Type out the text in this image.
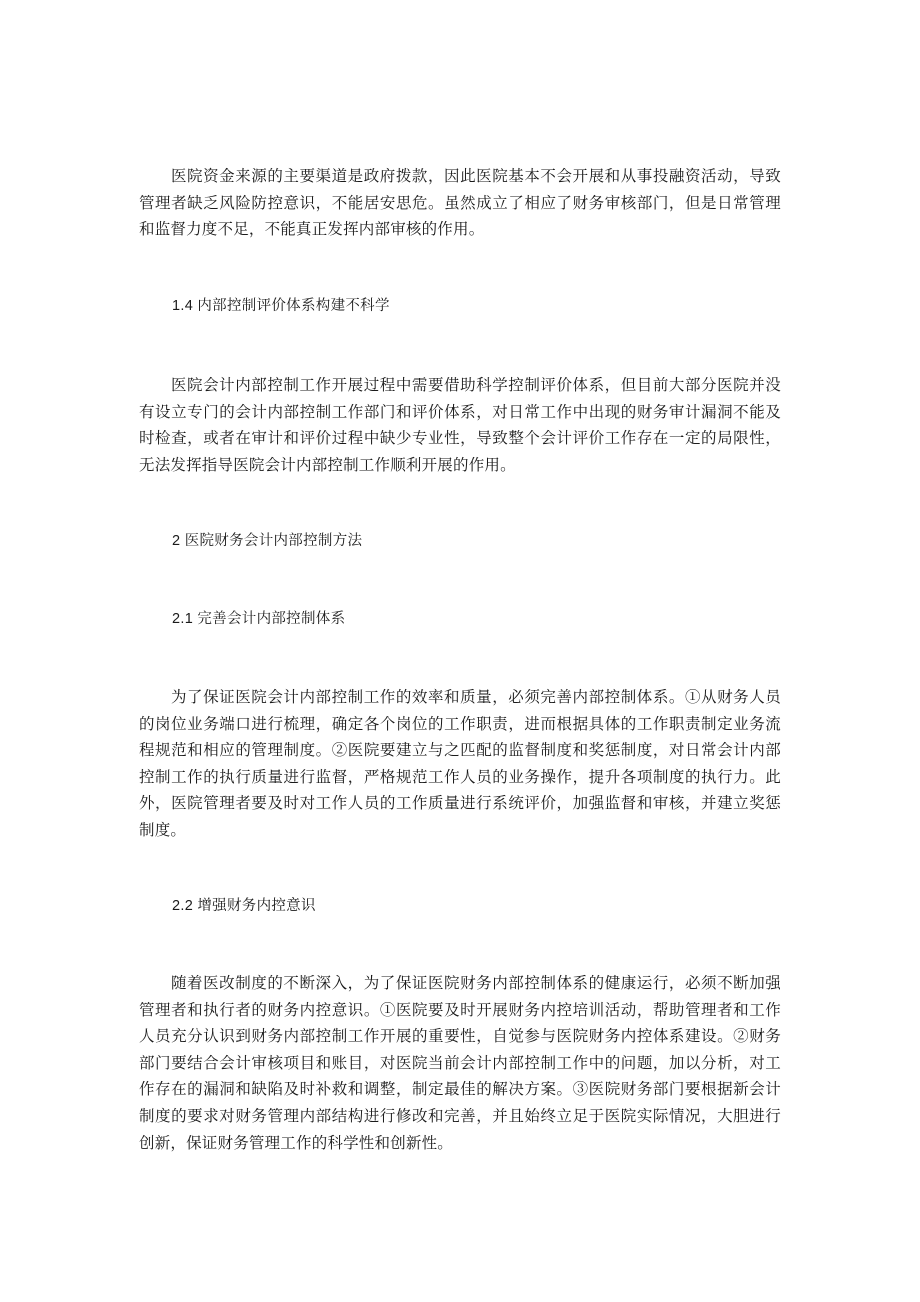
医院资金来源的主要渠道是政府拨款，因此医院基本不会开展和从事投融资活动，导致管理者缺乏风险防控意识，不能居安思危。虽然成立了相应了财务审核部门，但是日常管理和监督力度不足，不能真正发挥内部审核的作用。

1.4 内部控制评价体系构建不科学

医院会计内部控制工作开展过程中需要借助科学控制评价体系，但目前大部分医院并没有设立专门的会计内部控制工作部门和评价体系，对日常工作中出现的财务审计漏洞不能及时检查，或者在审计和评价过程中缺少专业性，导致整个会计评价工作存在一定的局限性，无法发挥指导医院会计内部控制工作顺利开展的作用。

2 医院财务会计内部控制方法
2.1 完善会计内部控制体系

为了保证医院会计内部控制工作的效率和质量，必须完善内部控制体系。①从财务人员的岗位业务端口进行梳理，确定各个岗位的工作职责，进而根据具体的工作职责制定业务流程规范和相应的管理制度。②医院要建立与之匹配的监督制度和奖惩制度，对日常会计内部控制工作的执行质量进行监督，严格规范工作人员的业务操作，提升各项制度的执行力。此外，医院管理者要及时对工作人员的工作质量进行系统评价，加强监督和审核，并建立奖惩制度。

2.2 增强财务内控意识

随着医改制度的不断深入，为了保证医院财务内部控制体系的健康运行，必须不断加强管理者和执行者的财务内控意识。①医院要及时开展财务内控培训活动，帮助管理者和工作人员充分认识到财务内部控制工作开展的重要性，自觉参与医院财务内控体系建设。②财务部门要结合会计审核项目和账目，对医院当前会计内部控制工作中的问题，加以分析，对工作存在的漏洞和缺陷及时补救和调整，制定最佳的解决方案。③医院财务部门要根据新会计制度的要求对财务管理内部结构进行修改和完善，并且始终立足于医院实际情况，大胆进行创新，保证财务管理工作的科学性和创新性。
